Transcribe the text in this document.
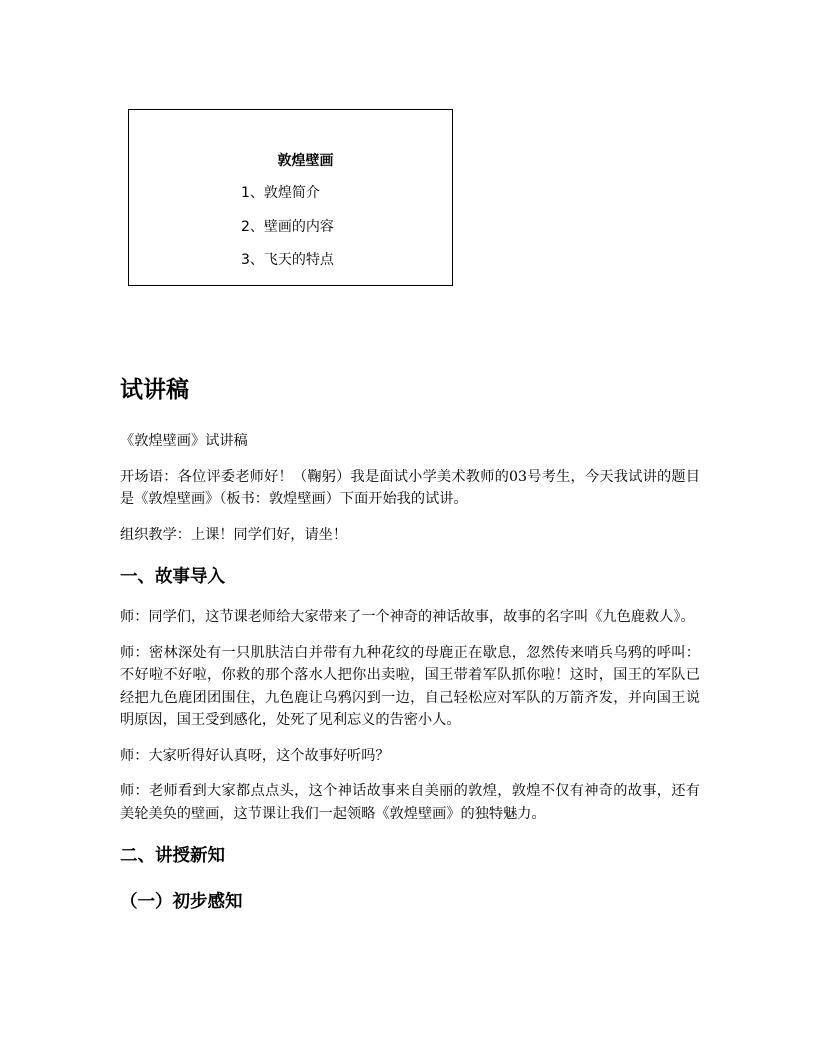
敦煌壁画
1、敦煌简介
2、壁画的内容
3、飞天的特点
试讲稿

《敦煌壁画》试讲稿

开场语：各位评委老师好！（鞠躬）我是面试小学美术教师的03号考生，今天我试讲的题目是《敦煌壁画》（板书：敦煌壁画）下面开始我的试讲。

组织教学：上课！同学们好，请坐！

一、故事导入

师：同学们，这节课老师给大家带来了一个神奇的神话故事，故事的名字叫《九色鹿救人》。

师：密林深处有一只肌肤洁白并带有九种花纹的母鹿正在歇息，忽然传来哨兵乌鸦的呼叫：不好啦不好啦，你救的那个落水人把你出卖啦，国王带着军队抓你啦！这时，国王的军队已经把九色鹿团团围住，九色鹿让乌鸦闪到一边，自己轻松应对军队的万箭齐发，并向国王说明原因，国王受到感化，处死了见利忘义的告密小人。

师：大家听得好认真呀，这个故事好听吗？

师：老师看到大家都点点头，这个神话故事来自美丽的敦煌，敦煌不仅有神奇的故事，还有美轮美奂的壁画，这节课让我们一起领略《敦煌壁画》的独特魅力。

二、讲授新知
（一）初步感知
